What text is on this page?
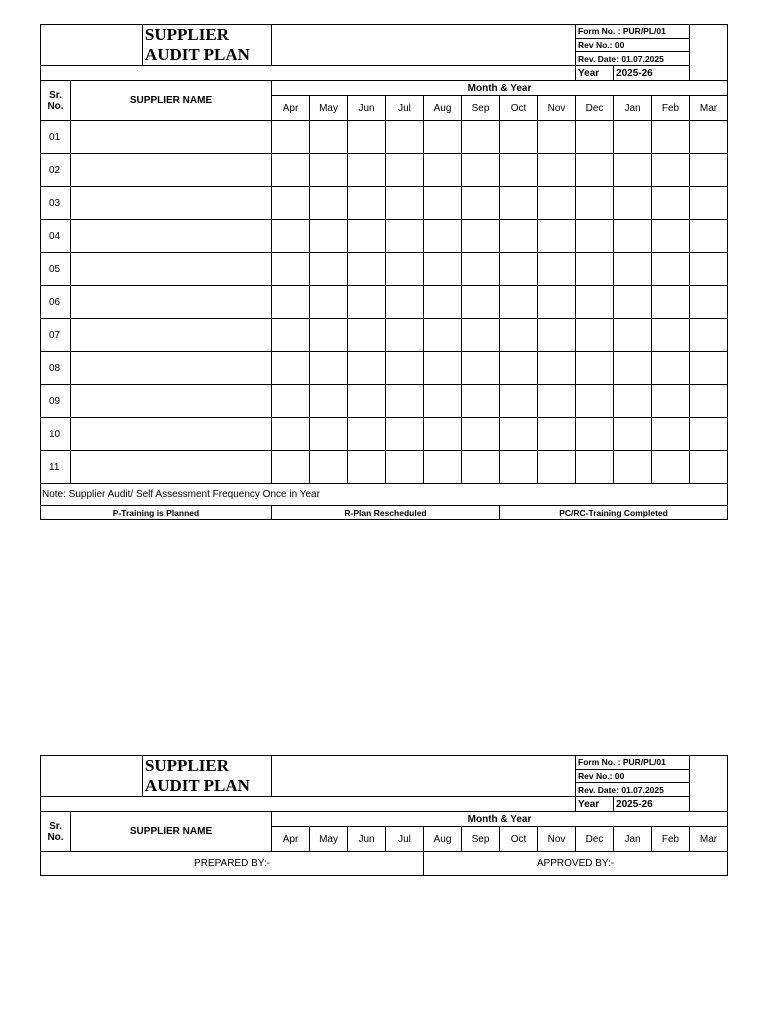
SUPPLIER AUDIT PLAN										Form No. : PUR/PL/01			
										Rev No.: 00			
										Rev. Date: 01.07.2025			
										Year	2025-26		
Sr. No.	SUPPLIER NAME	Month & Year											
		Apr	May	Jun	Jul	Aug	Sep	Oct	Nov	Dec	Jan	Feb	Mar
01													
02													
03													
04													
05													
06													
07													
08													
09													
10													
11													
Note: Supplier Audit/ Self Assessment Frequency Once in Year													
P-Training is Planned		R-Plan Rescheduled						PC/RC-Training Completed					
SUPPLIER AUDIT PLAN										Form No. : PUR/PL/01			
										Rev No.: 00			
										Rev. Date: 01.07.2025			
										Year	2025-26		
Sr. No.	SUPPLIER NAME	Month & Year											
		Apr	May	Jun	Jul	Aug	Sep	Oct	Nov	Dec	Jan	Feb	Mar
PREPARED BY:-						APPROVED BY:-							
